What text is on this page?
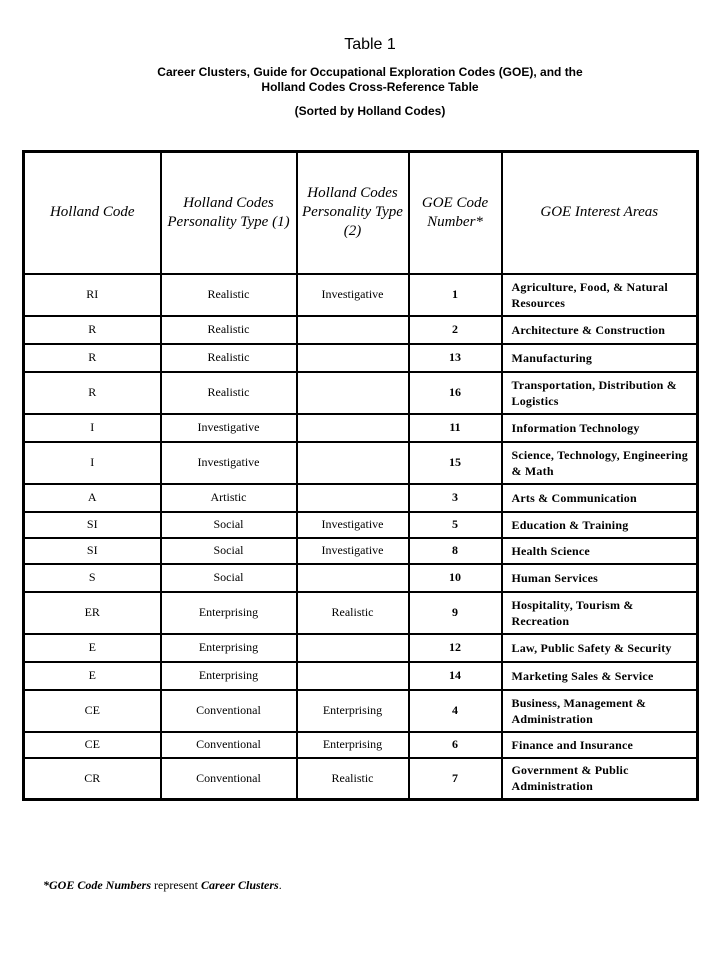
Table 1
Career Clusters, Guide for Occupational Exploration Codes (GOE), and the
Holland Codes Cross-Reference Table
(Sorted by Holland Codes)
Holland Code	Holland Codes Personality Type (1)	Holland Codes Personality Type (2)	GOE Code Number*	GOE Interest Areas
RI	Realistic	Investigative	1	Agriculture, Food, & Natural Resources
R	Realistic		2	Architecture & Construction
R	Realistic		13	Manufacturing
R	Realistic		16	Transportation, Distribution & Logistics
I	Investigative		11	Information Technology
I	Investigative		15	Science, Technology, Engineering & Math
A	Artistic		3	Arts & Communication
SI	Social	Investigative	5	Education & Training
SI	Social	Investigative	8	Health Science
S	Social		10	Human Services
ER	Enterprising	Realistic	9	Hospitality, Tourism & Recreation
E	Enterprising		12	Law, Public Safety & Security
E	Enterprising		14	Marketing Sales & Service
CE	Conventional	Enterprising	4	Business, Management & Administration
CE	Conventional	Enterprising	6	Finance and Insurance
CR	Conventional	Realistic	7	Government & Public Administration
*GOE Code Numbers represent Career Clusters.
